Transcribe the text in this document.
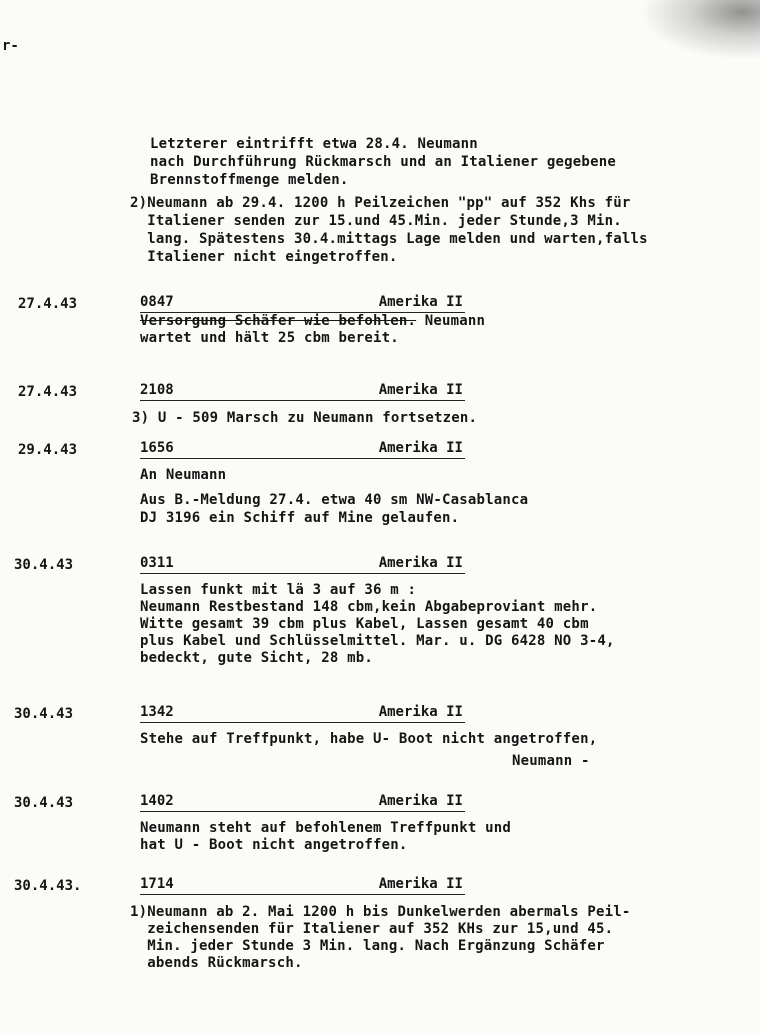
r-
Letzterer eintrifft etwa 28.4. Neumann
nach Durchführung Rückmarsch und an Italiener gegebene
Brennstoffmenge melden.
2)Neumann ab 29.4. 1200 h Peilzeichen "pp" auf 352 Khs für
Italiener senden zur 15.und 45.Min. jeder Stunde,3 Min.
lang. Spätestens 30.4.mittags Lage melden und warten,falls
Italiener nicht eingetroffen.
27.4.43	0847	Amerika II
Versorgung Schäfer wie befohlen. Neumann
wartet und hält 25 cbm bereit.
27.4.43	2108	Amerika II
3) U - 509 Marsch zu Neumann fortsetzen.
29.4.43	1656	Amerika II
An Neumann
Aus B.-Meldung 27.4. etwa 40 sm NW-Casablanca
DJ 3196 ein Schiff auf Mine gelaufen.
30.4.43	0311	Amerika II
Lassen funkt mit lä 3 auf 36 m :
Neumann Restbestand 148 cbm,kein Abgabeproviant mehr.
Witte gesamt 39 cbm plus Kabel, Lassen gesamt 40 cbm
plus Kabel und Schlüsselmittel. Mar. u. DG 6428 NO 3-4,
bedeckt, gute Sicht, 28 mb.
30.4.43	1342	Amerika II
Stehe auf Treffpunkt, habe U- Boot nicht angetroffen,
Neumann -
30.4.43	1402	Amerika II
Neumann steht auf befohlenem Treffpunkt und
hat U - Boot nicht angetroffen.
30.4.43.	1714	Amerika II
1)Neumann ab 2. Mai 1200 h bis Dunkelwerden abermals Peil-
zeichensenden für Italiener auf 352 KHs zur 15,und 45.
Min. jeder Stunde 3 Min. lang. Nach Ergänzung Schäfer
abends Rückmarsch.
